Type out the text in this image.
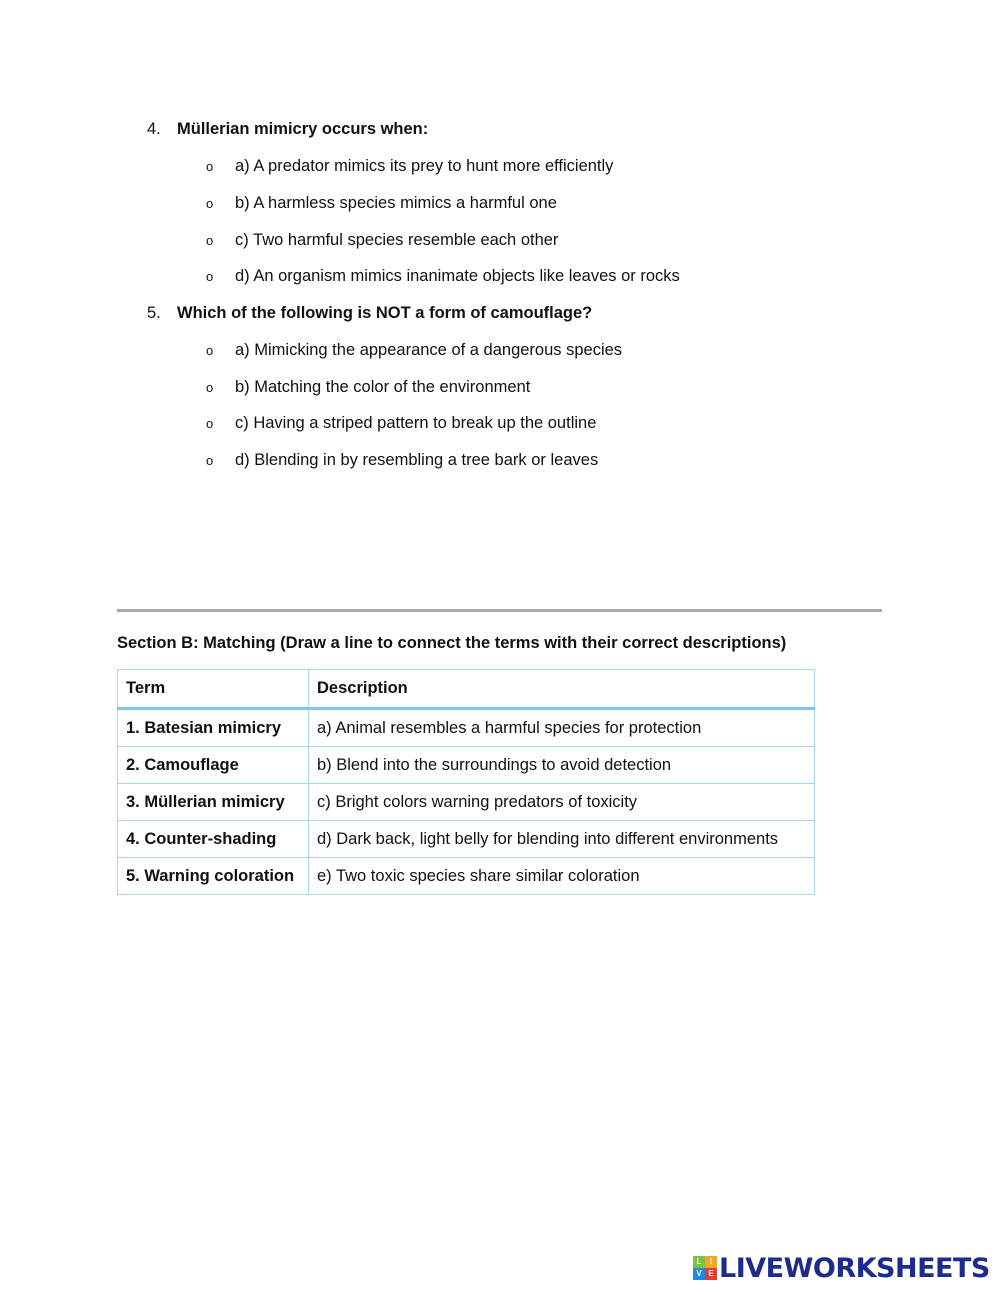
4. Müllerian mimicry occurs when:
o a) A predator mimics its prey to hunt more efficiently
o b) A harmless species mimics a harmful one
o c) Two harmful species resemble each other
o d) An organism mimics inanimate objects like leaves or rocks
5. Which of the following is NOT a form of camouflage?
o a) Mimicking the appearance of a dangerous species
o b) Matching the color of the environment
o c) Having a striped pattern to break up the outline
o d) Blending in by resembling a tree bark or leaves
Section B: Matching (Draw a line to connect the terms with their correct descriptions)
Term	Description
1. Batesian mimicry	a) Animal resembles a harmful species for protection
2. Camouflage	b) Blend into the surroundings to avoid detection
3. Müllerian mimicry	c) Bright colors warning predators of toxicity
4. Counter-shading	d) Dark back, light belly for blending into different environments
5. Warning coloration	e) Two toxic species share similar coloration
L	I
V E LIVEWORKSHEETS
